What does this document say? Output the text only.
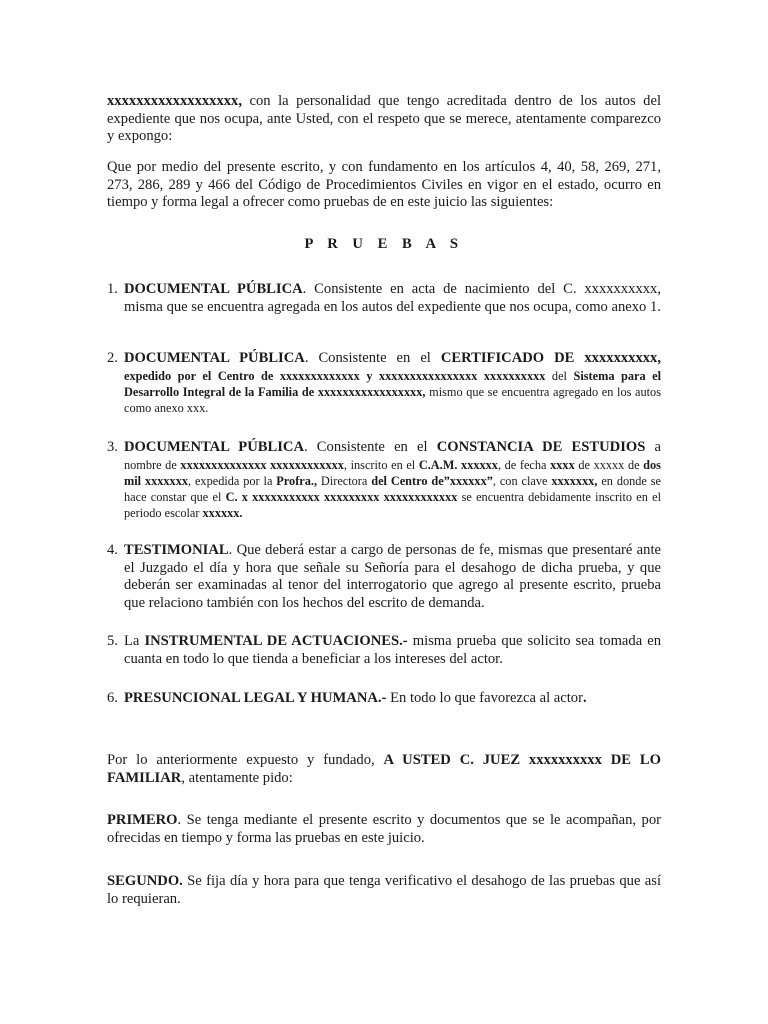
xxxxxxxxxxxxxxxxxx, con la personalidad que tengo acreditada dentro de los autos del expediente que nos ocupa, ante Usted, con el respeto que se merece, atentamente comparezco y expongo:

Que por medio del presente escrito, y con fundamento en los artículos 4, 40, 58, 269, 271, 273, 286, 289 y 466 del Código de Procedimientos Civiles en vigor en el estado, ocurro en tiempo y forma legal a ofrecer como pruebas de en este juicio las siguientes:

P R U E B A S
1. DOCUMENTAL PÚBLICA. Consistente en acta de nacimiento del C. xxxxxxxxxx, misma que se encuentra agregada en los autos del expediente que nos ocupa, como anexo 1.

2. DOCUMENTAL PÚBLICA. Consistente en el CERTIFICADO DE xxxxxxxxxx,

expedido por el Centro de xxxxxxxxxxxxx y xxxxxxxxxxxxxxxx xxxxxxxxxx del Sistema para el Desarrollo Integral de la Familia de xxxxxxxxxxxxxxxxx, mismo que se encuentra agregado en los autos como anexo xxx.

3. DOCUMENTAL PÚBLICA. Consistente en el CONSTANCIA DE ESTUDIOS a

nombre de xxxxxxxxxxxxxx xxxxxxxxxxxx, inscrito en el C.A.M. xxxxxx, de fecha xxxx de xxxxx de dos mil xxxxxxx, expedida por la Profra., Directora del Centro de”xxxxxx”, con clave xxxxxxx, en donde se hace constar que el C. x xxxxxxxxxxx xxxxxxxxx xxxxxxxxxxxx se encuentra debidamente inscrito en el periodo escolar xxxxxx.

4. TESTIMONIAL. Que deberá estar a cargo de personas de fe, mismas que presentaré ante el Juzgado el día y hora que señale su Señoría para el desahogo de dicha prueba, y que deberán ser examinadas al tenor del interrogatorio que agrego al presente escrito, prueba que relaciono también con los hechos del escrito de demanda.

5. La INSTRUMENTAL DE ACTUACIONES.- misma prueba que solicito sea tomada en cuanta en todo lo que tienda a beneficiar a los intereses del actor.

6. PRESUNCIONAL LEGAL Y HUMANA.- En todo lo que favorezca al actor.

Por lo anteriormente expuesto y fundado, A USTED C. JUEZ xxxxxxxxxx DE LO FAMILIAR, atentamente pido:

PRIMERO. Se tenga mediante el presente escrito y documentos que se le acompañan, por ofrecidas en tiempo y forma las pruebas en este juicio.

SEGUNDO. Se fija día y hora para que tenga verificativo el desahogo de las pruebas que así lo requieran.
